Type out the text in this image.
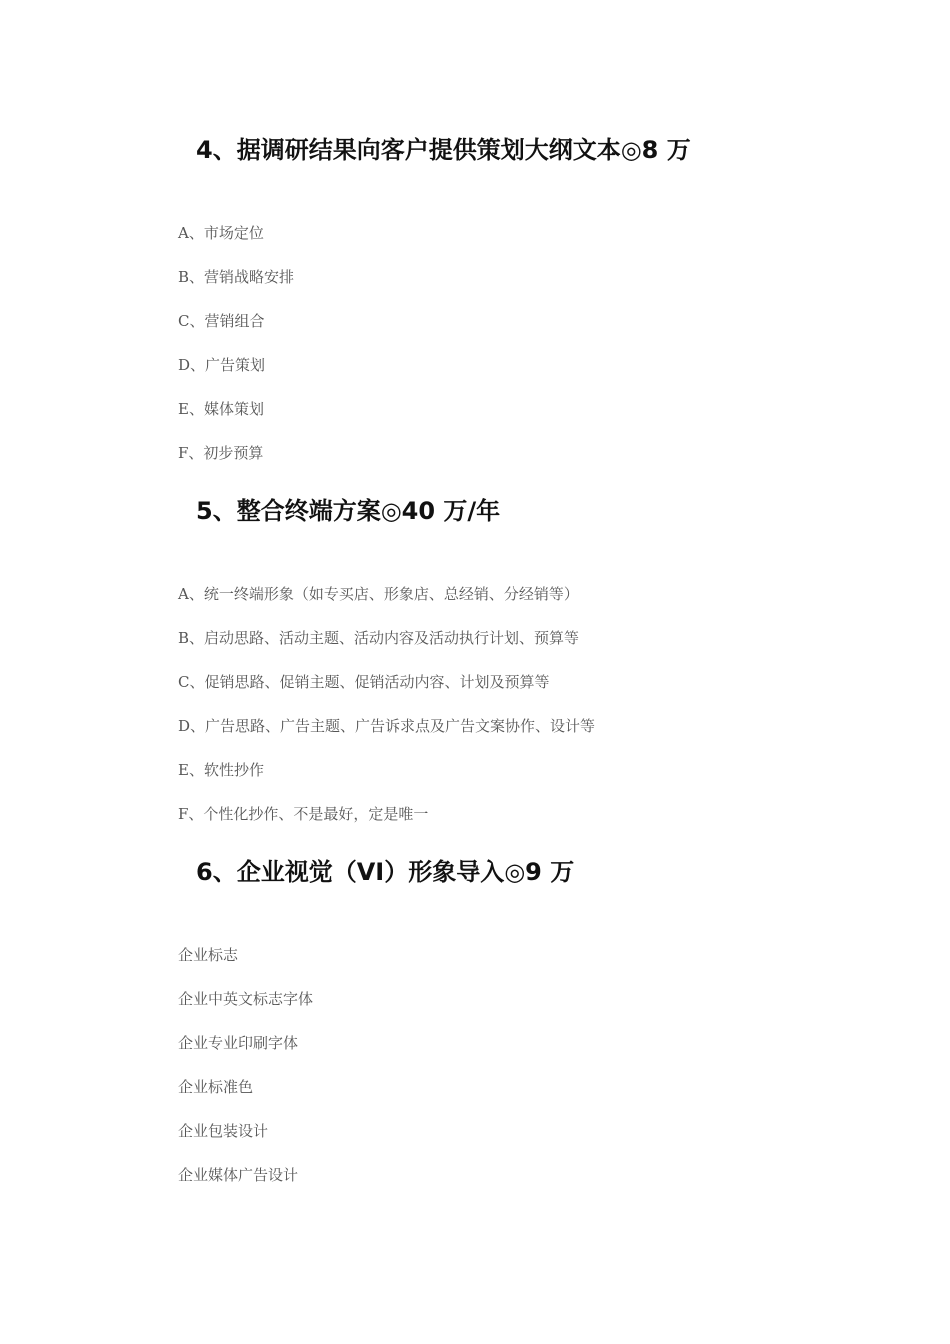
4、据调研结果向客户提供策划大纲文本◎8 万

A、市场定位

B、营销战略安排

C、营销组合

D、广告策划

E、媒体策划

F、初步预算

5、整合终端方案◎40 万/年

A、统一终端形象（如专买店、形象店、总经销、分经销等）

B、启动思路、活动主题、活动内容及活动执行计划、预算等

C、促销思路、促销主题、促销活动内容、计划及预算等

D、广告思路、广告主题、广告诉求点及广告文案协作、设计等

E、软性抄作

F、个性化抄作、不是最好，定是唯一

6、企业视觉（VI）形象导入◎9 万

企业标志

企业中英文标志字体

企业专业印刷字体

企业标准色

企业包装设计

企业媒体广告设计
